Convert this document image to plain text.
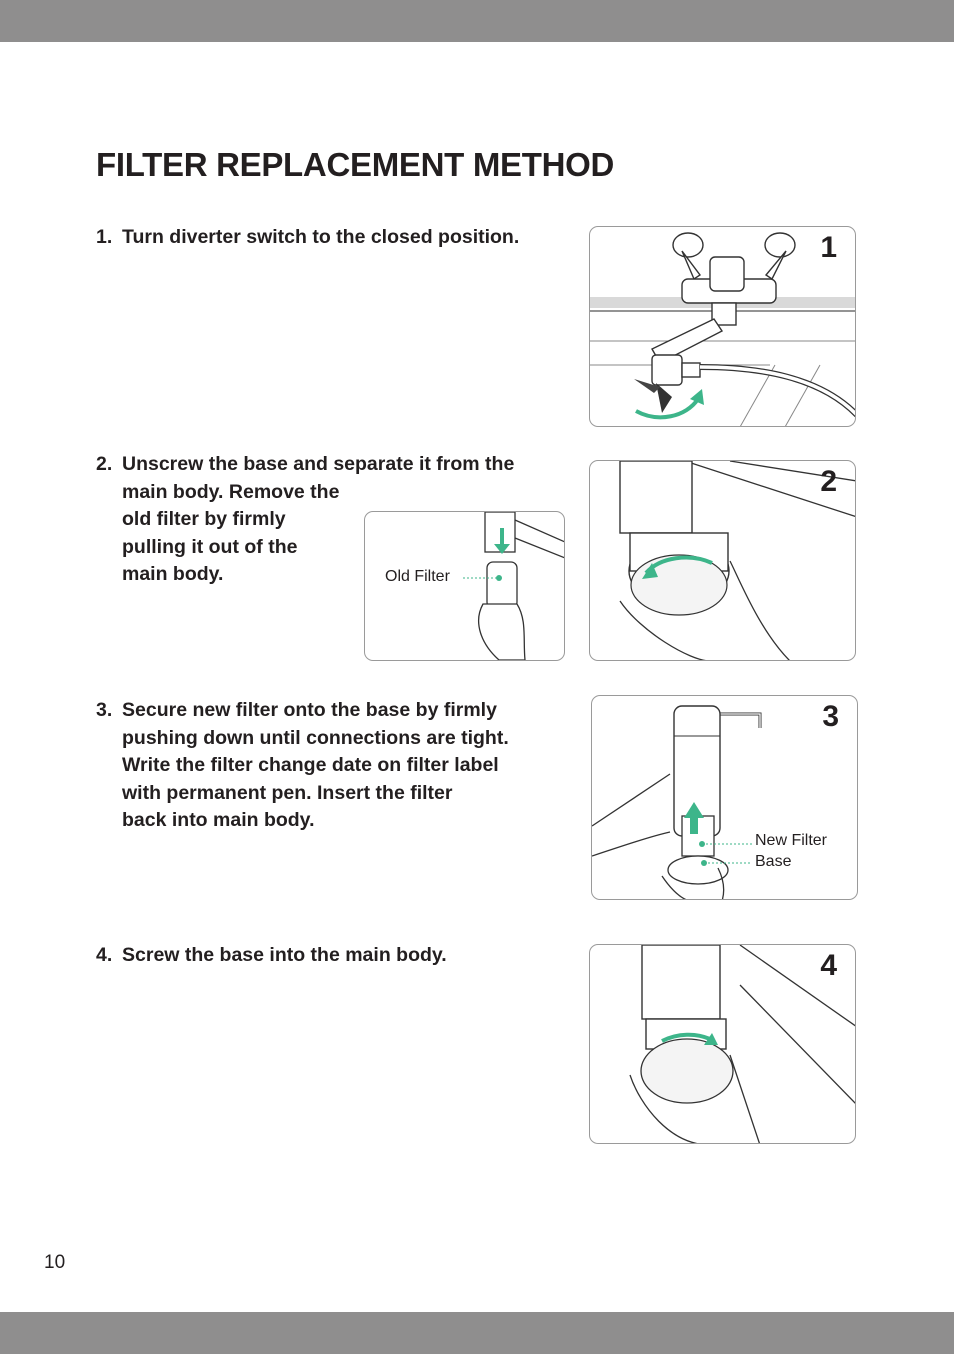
FILTER REPLACEMENT METHOD
1. Turn diverter switch to the closed position.
2. Unscrew the base and separate it from the
main body. Remove the
old filter by firmly
pulling it out of the
main body.
3. Secure new filter onto the base by firmly
pushing down until connections are tight.
Write the filter change date on filter label
with permanent pen. Insert the filter
back into main body.
4. Screw the base into the main body.
1
Old Filter
2
3
New Filter
Base
4
10
